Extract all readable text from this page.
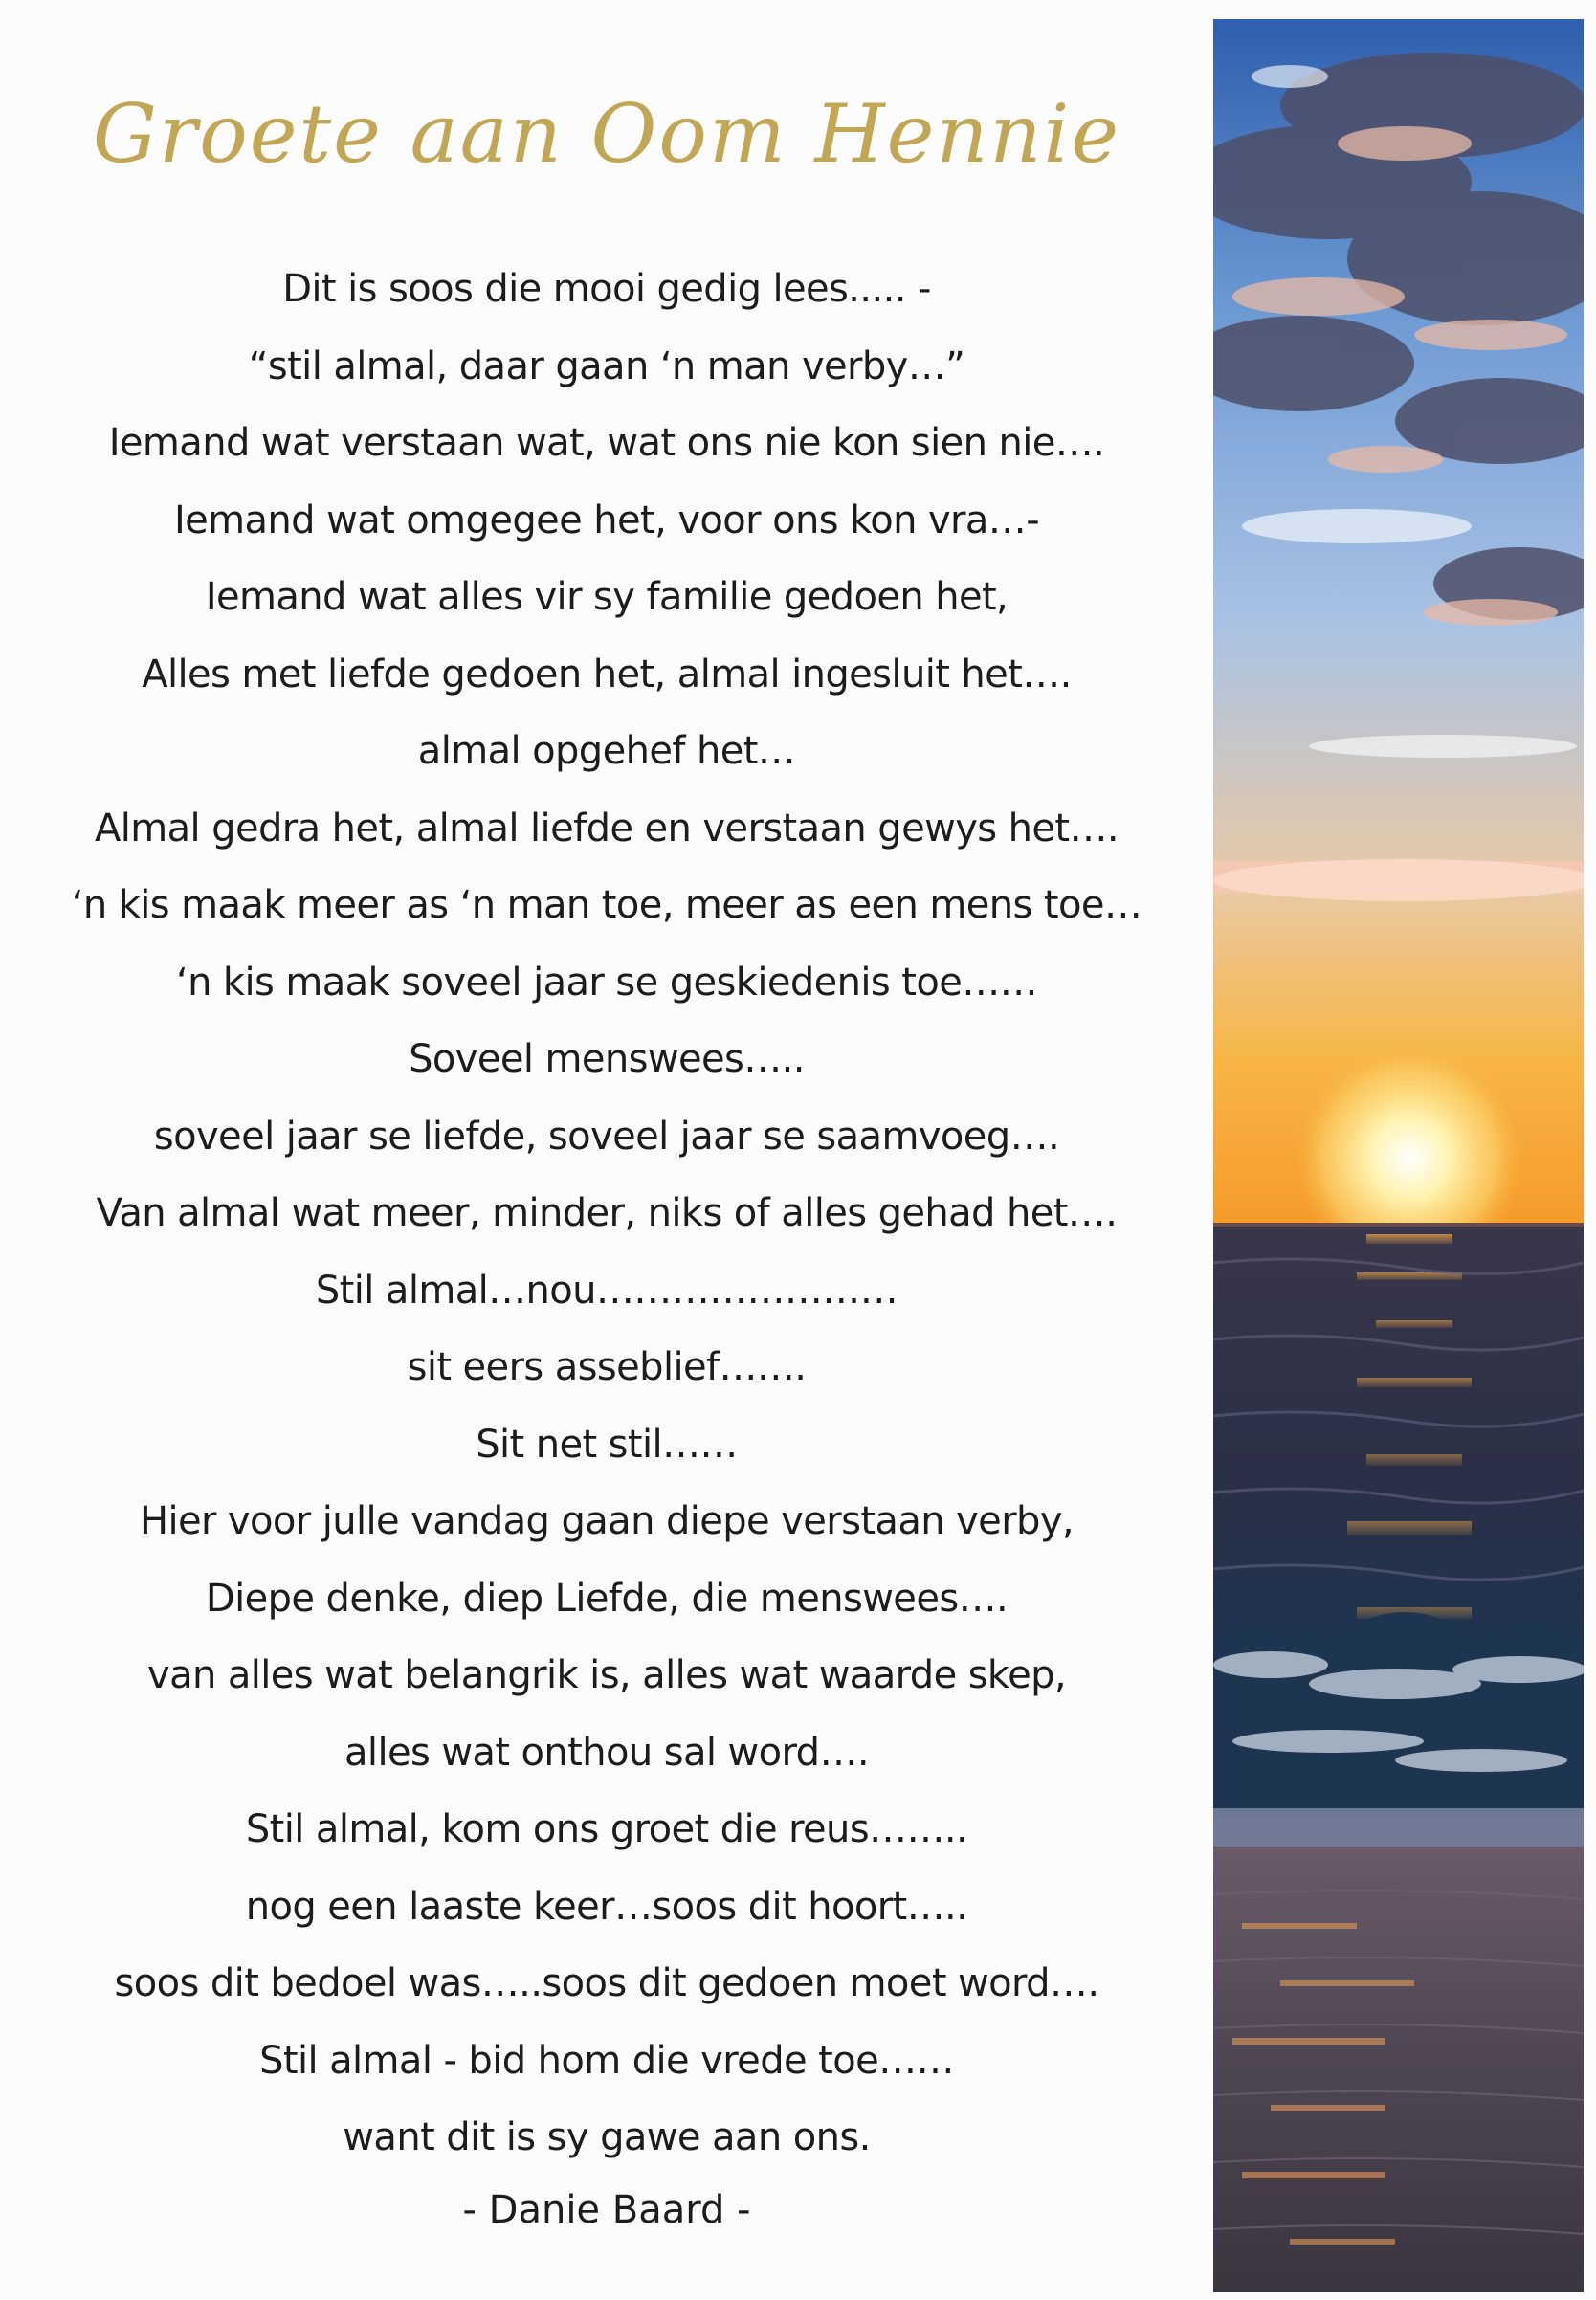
Groete aan Oom Hennie
Dit is soos die mooi gedig lees..... -
“stil almal, daar gaan ‘n man verby…”
Iemand wat verstaan wat, wat ons nie kon sien nie….
Iemand wat omgegee het, voor ons kon vra…-
Iemand wat alles vir sy familie gedoen het,
Alles met liefde gedoen het, almal ingesluit het….
almal opgehef het…
Almal gedra het, almal liefde en verstaan gewys het….
‘n kis maak meer as ‘n man toe, meer as een mens toe…
‘n kis maak soveel jaar se geskiedenis toe……
Soveel menswees…..
soveel jaar se liefde, soveel jaar se saamvoeg….
Van almal wat meer, minder, niks of alles gehad het….
Stil almal…nou……………………
sit eers asseblief…….
Sit net stil……
Hier voor julle vandag gaan diepe verstaan verby,
Diepe denke, diep Liefde, die menswees….
van alles wat belangrik is, alles wat waarde skep,
alles wat onthou sal word….
Stil almal, kom ons groet die reus……..
nog een laaste keer…soos dit hoort…..
soos dit bedoel was…..soos dit gedoen moet word….
Stil almal - bid hom die vrede toe……
want dit is sy gawe aan ons.
- Danie Baard -
